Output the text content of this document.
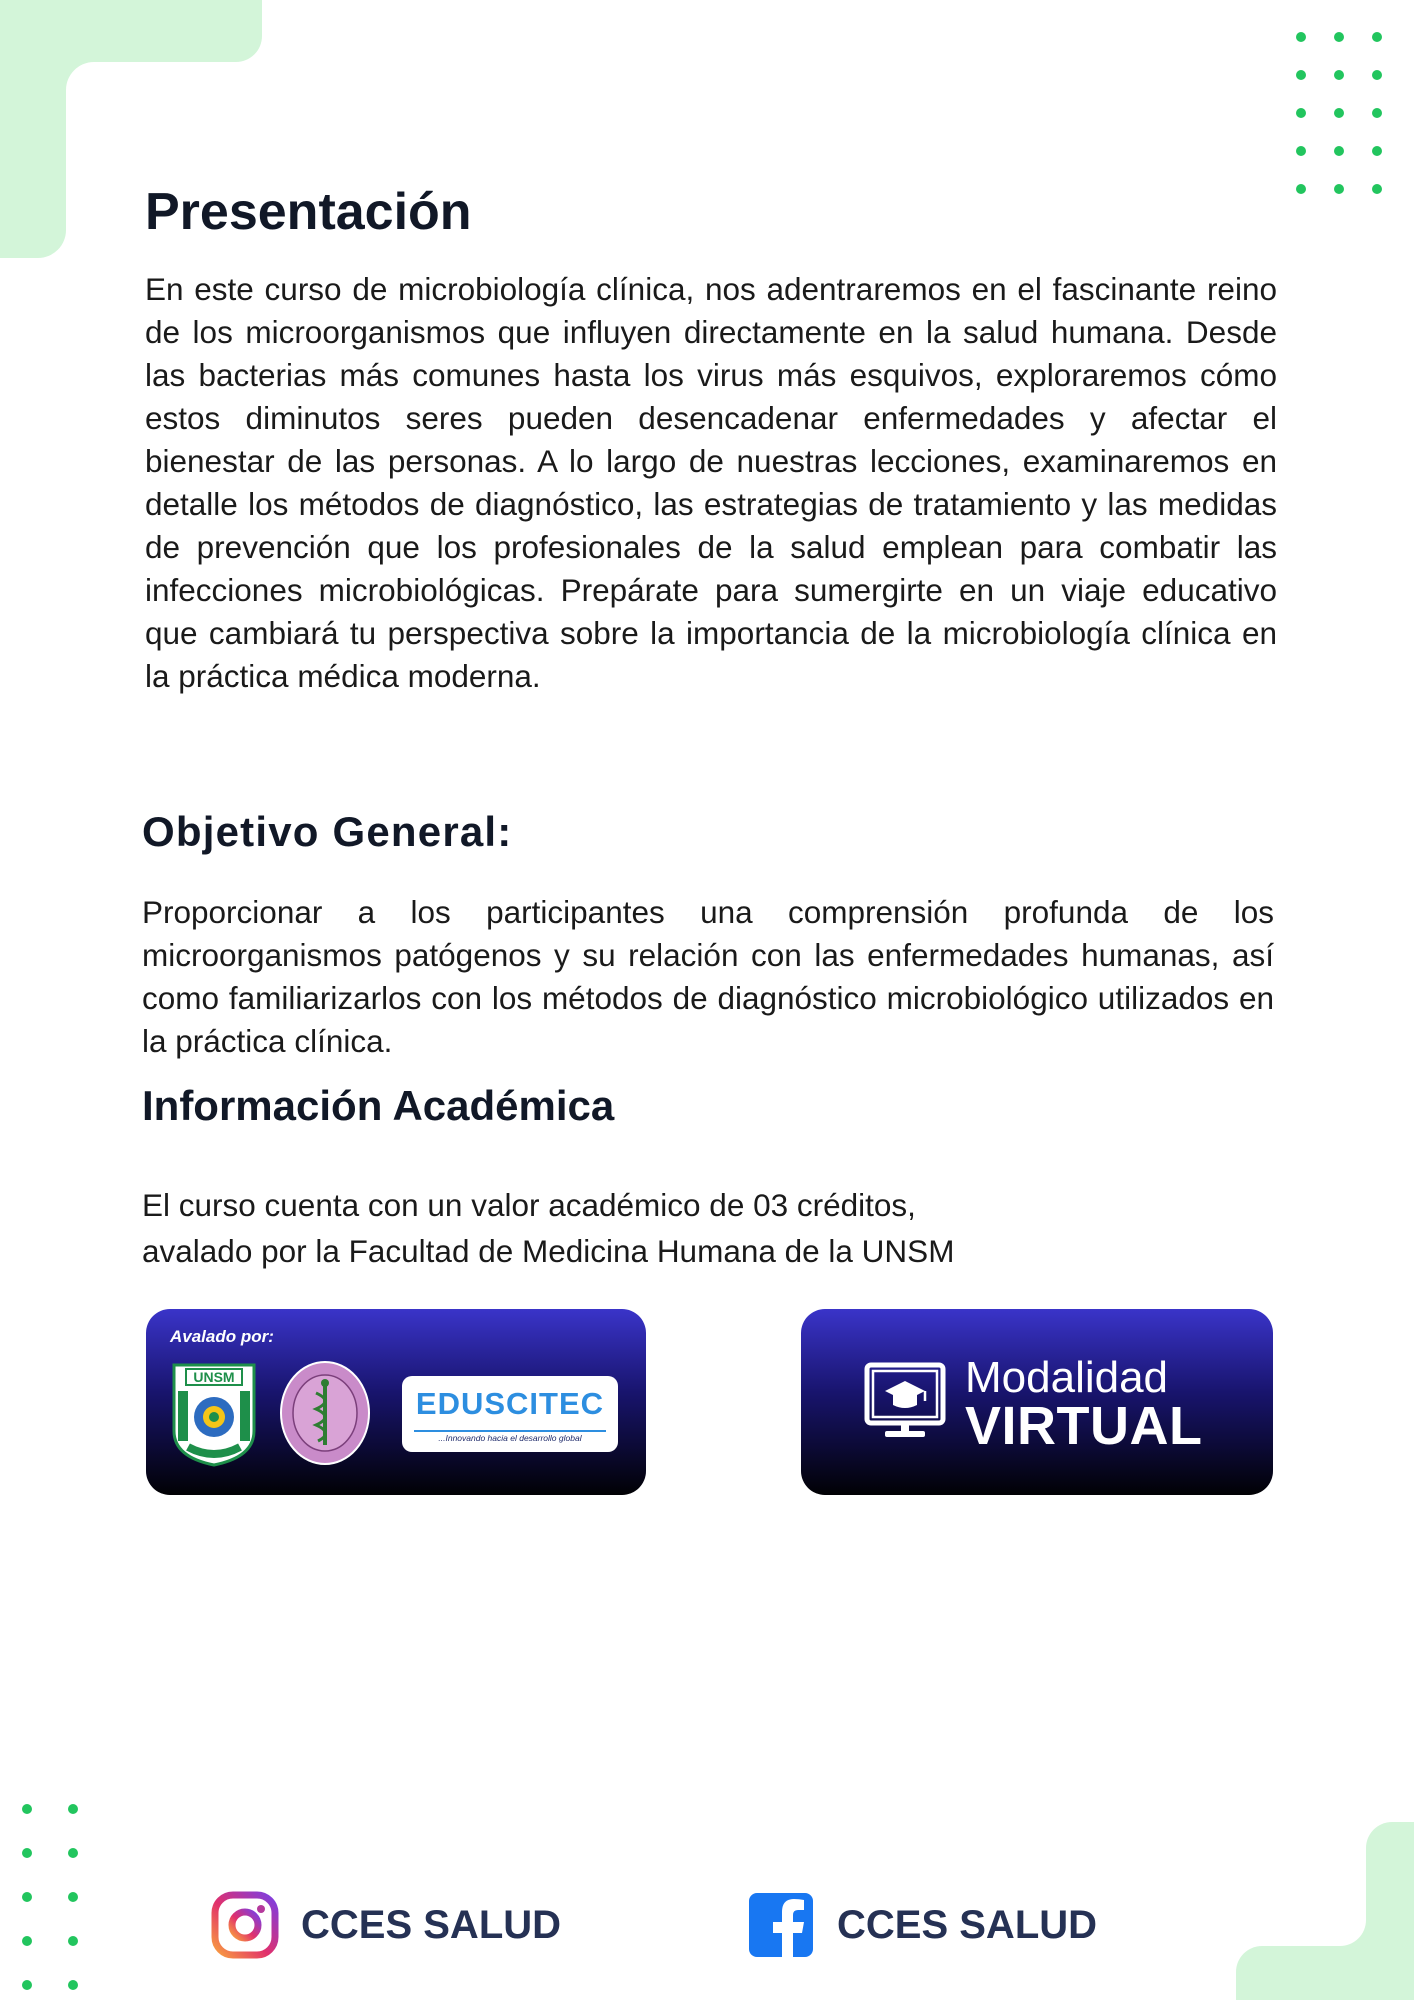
Presentación

En este curso de microbiología clínica, nos adentraremos en el fascinante reino de los microorganismos que influyen directamente en la salud humana. Desde las bacterias más comunes hasta los virus más esquivos, exploraremos cómo estos diminutos seres pueden desencadenar enfermedades y afectar el bienestar de las personas. A lo largo de nuestras lecciones, examinaremos en detalle los métodos de diagnóstico, las estrategias de tratamiento y las medidas de prevención que los profesionales de la salud emplean para combatir las infecciones microbiológicas. Prepárate para sumergirte en un viaje educativo que cambiará tu perspectiva sobre la importancia de la microbiología clínica en la práctica médica moderna.

Objetivo General:

Proporcionar a los participantes una comprensión profunda de los microorganismos patógenos y su relación con las enfermedades humanas, así como familiarizarlos con los métodos de diagnóstico microbiológico utilizados en la práctica clínica.

Información Académica
El curso cuenta con un valor académico de 03 créditos,
avalado por la Facultad de Medicina Humana de la UNSM
Avalado por:
UNSM
EDUSCITEC
...Innovando hacia el desarrollo global
Modalidad
VIRTUAL
CCES SALUD	CCES SALUD
